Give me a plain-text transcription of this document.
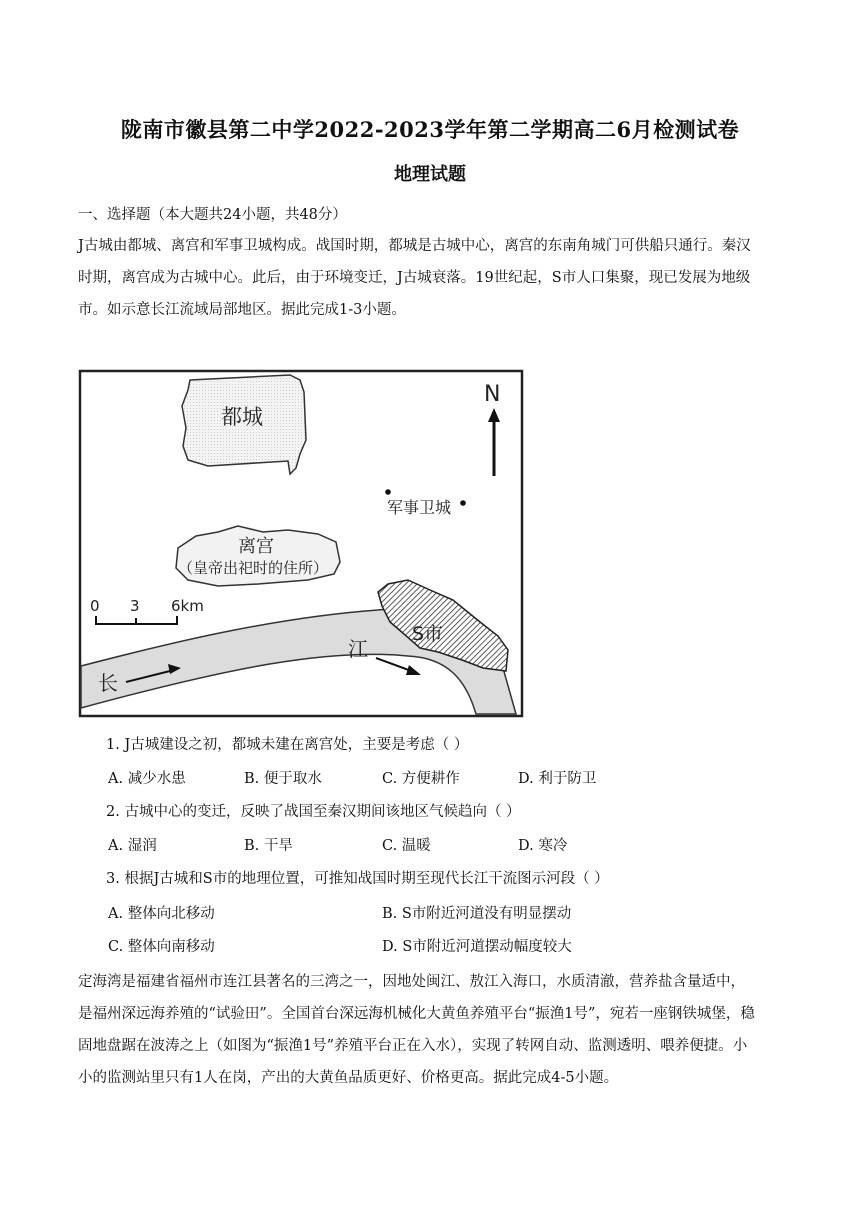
陇南市徽县第二中学2022-2023学年第二学期高二6月检测试卷
地理试题
一、选择题（本大题共24小题，共48分）
J古城由都城、离宫和军事卫城构成。战国时期，都城是古城中心，离宫的东南角城门可供船只通行。秦汉
时期，离宫成为古城中心。此后，由于环境变迁，J古城衰落。19世纪起，S市人口集聚，现已发展为地级
市。如示意长江流域局部地区。据此完成1-3小题。
都城
N
军事卫城
离宫
（皇帝出祀时的住所）
0 3 6km
S市
江
长
1. J古城建设之初，都城未建在离宫处，主要是考虑（ ）
A. 减少水患	B. 便于取水	C. 方便耕作	D. 利于防卫
2. 古城中心的变迁，反映了战国至秦汉期间该地区气候趋向（ ）
A. 湿润	B. 干旱	C. 温暖	D. 寒冷
3. 根据J古城和S市的地理位置，可推知战国时期至现代长江干流图示河段（ ）
A. 整体向北移动	B. S市附近河道没有明显摆动
C. 整体向南移动	D. S市附近河道摆动幅度较大
定海湾是福建省福州市连江县著名的三湾之一，因地处闽江、敖江入海口，水质清澈，营养盐含量适中，
是福州深远海养殖的“试验田”。全国首台深远海机械化大黄鱼养殖平台“振渔1号”，宛若一座钢铁城堡，稳
固地盘踞在波涛之上（如图为“振渔1号”养殖平台正在入水），实现了转网自动、监测透明、喂养便捷。小
小的监测站里只有1人在岗，产出的大黄鱼品质更好、价格更高。据此完成4-5小题。
